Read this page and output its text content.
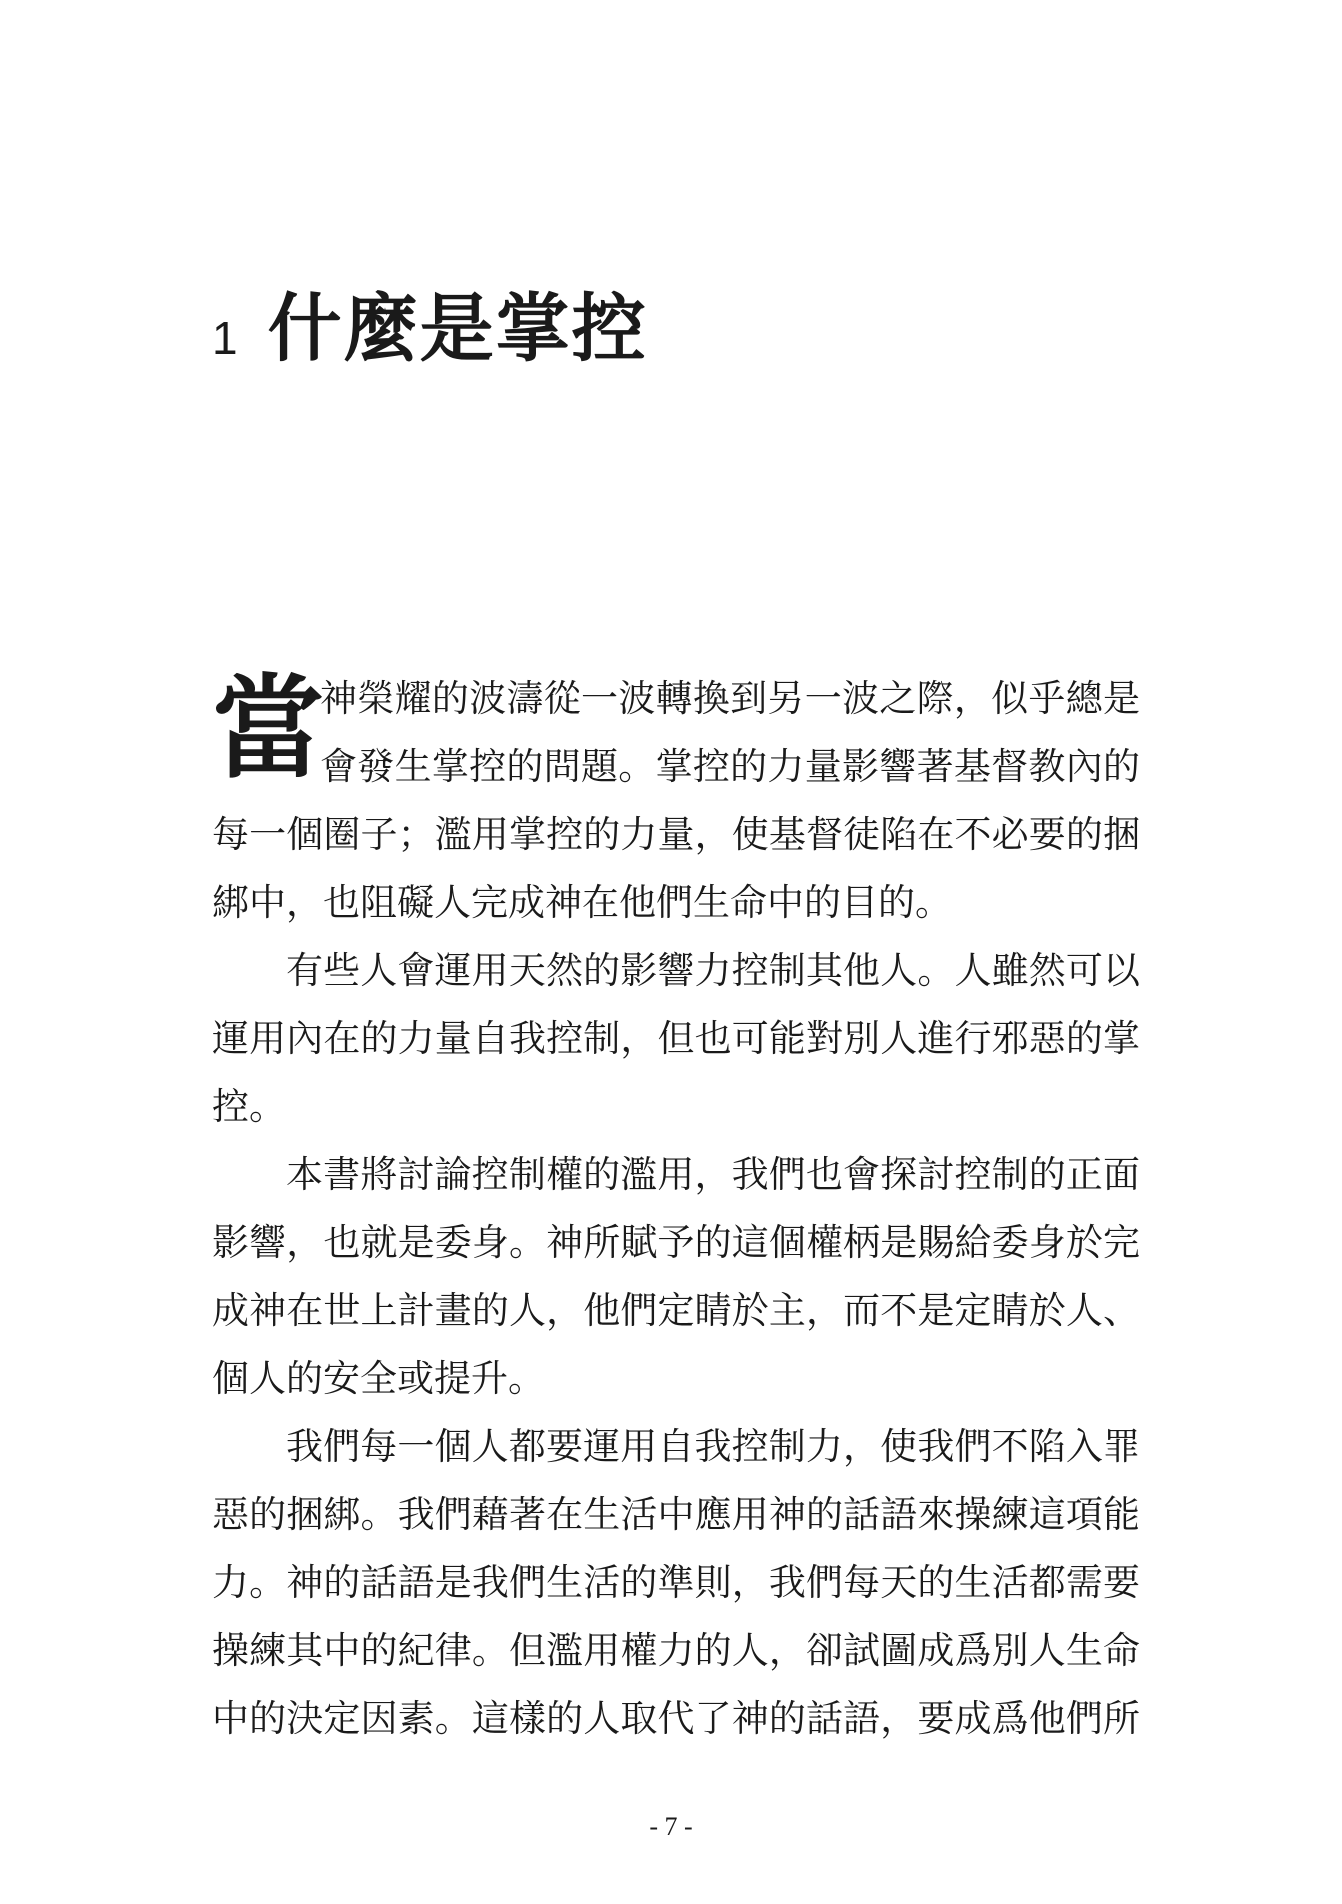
1 什麼是掌控
當
神榮耀的波濤從一波轉換到另一波之際，似乎總是
會發生掌控的問題。掌控的力量影響著基督教內的
每一個圈子；濫用掌控的力量，使基督徒陷在不必要的捆
綁中，也阻礙人完成神在他們生命中的目的。
有些人會運用天然的影響力控制其他人。人雖然可以
運用內在的力量自我控制，但也可能對別人進行邪惡的掌
控。
本書將討論控制權的濫用，我們也會探討控制的正面
影響，也就是委身。神所賦予的這個權柄是賜給委身於完
成神在世上計畫的人，他們定睛於主，而不是定睛於人、
個人的安全或提升。
我們每一個人都要運用自我控制力，使我們不陷入罪
惡的捆綁。我們藉著在生活中應用神的話語來操練這項能
力。神的話語是我們生活的準則，我們每天的生活都需要
操練其中的紀律。但濫用權力的人，卻試圖成爲別人生命
中的決定因素。這樣的人取代了神的話語，要成爲他們所
- 7 -
